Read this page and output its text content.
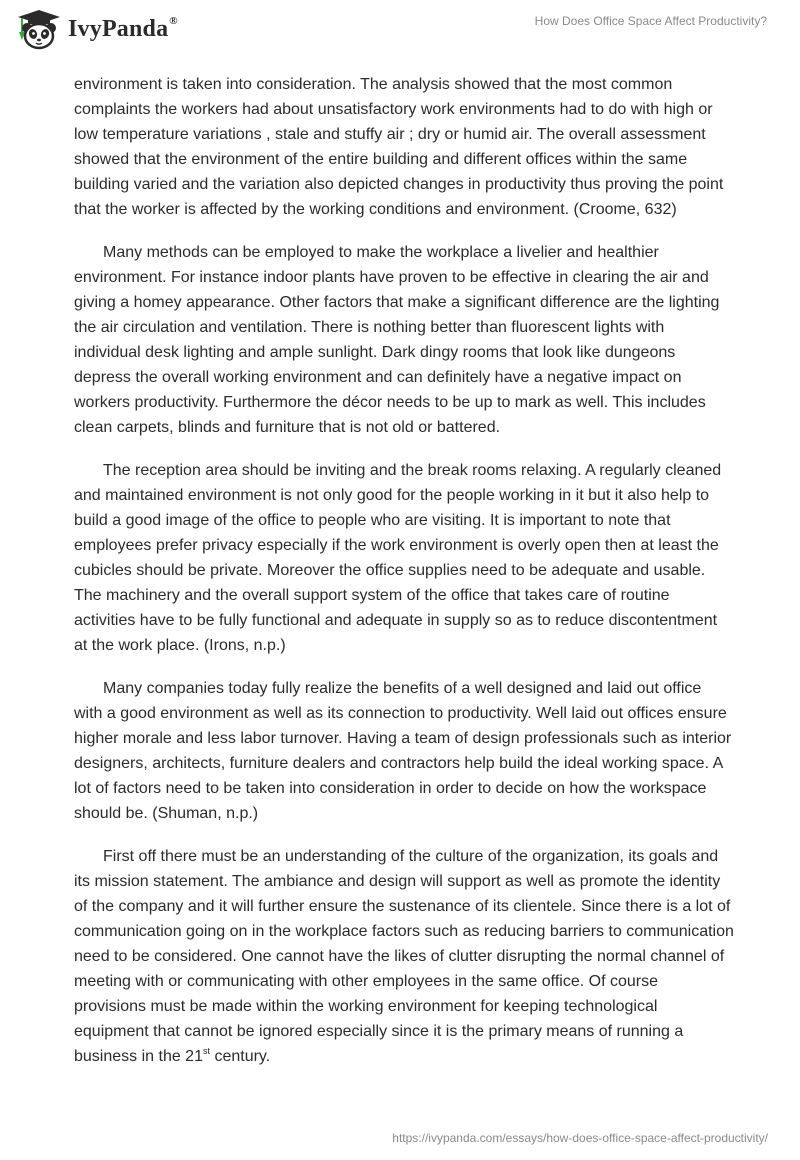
IvyPanda®	How Does Office Space Affect Productivity?

environment is taken into consideration. The analysis showed that the most common complaints the workers had about unsatisfactory work environments had to do with high or low temperature variations , stale and stuffy air ; dry or humid air. The overall assessment showed that the environment of the entire building and different offices within the same building varied and the variation also depicted changes in productivity thus proving the point that the worker is affected by the working conditions and environment. (Croome, 632)

Many methods can be employed to make the workplace a livelier and healthier environment. For instance indoor plants have proven to be effective in clearing the air and giving a homey appearance. Other factors that make a significant difference are the lighting the air circulation and ventilation. There is nothing better than fluorescent lights with individual desk lighting and ample sunlight. Dark dingy rooms that look like dungeons depress the overall working environment and can definitely have a negative impact on workers productivity. Furthermore the décor needs to be up to mark as well. This includes clean carpets, blinds and furniture that is not old or battered.

The reception area should be inviting and the break rooms relaxing. A regularly cleaned and maintained environment is not only good for the people working in it but it also help to build a good image of the office to people who are visiting. It is important to note that employees prefer privacy especially if the work environment is overly open then at least the cubicles should be private. Moreover the office supplies need to be adequate and usable. The machinery and the overall support system of the office that takes care of routine activities have to be fully functional and adequate in supply so as to reduce discontentment at the work place. (Irons, n.p.)

Many companies today fully realize the benefits of a well designed and laid out office with a good environment as well as its connection to productivity. Well laid out offices ensure higher morale and less labor turnover. Having a team of design professionals such as interior designers, architects, furniture dealers and contractors help build the ideal working space. A lot of factors need to be taken into consideration in order to decide on how the workspace should be. (Shuman, n.p.)

First off there must be an understanding of the culture of the organization, its goals and its mission statement. The ambiance and design will support as well as promote the identity of the company and it will further ensure the sustenance of its clientele. Since there is a lot of communication going on in the workplace factors such as reducing barriers to communication need to be considered. One cannot have the likes of clutter disrupting the normal channel of meeting with or communicating with other employees in the same office. Of course provisions must be made within the working environment for keeping technological equipment that cannot be ignored especially since it is the primary means of running a business in the 21st century.

https://ivypanda.com/essays/how-does-office-space-affect-productivity/
